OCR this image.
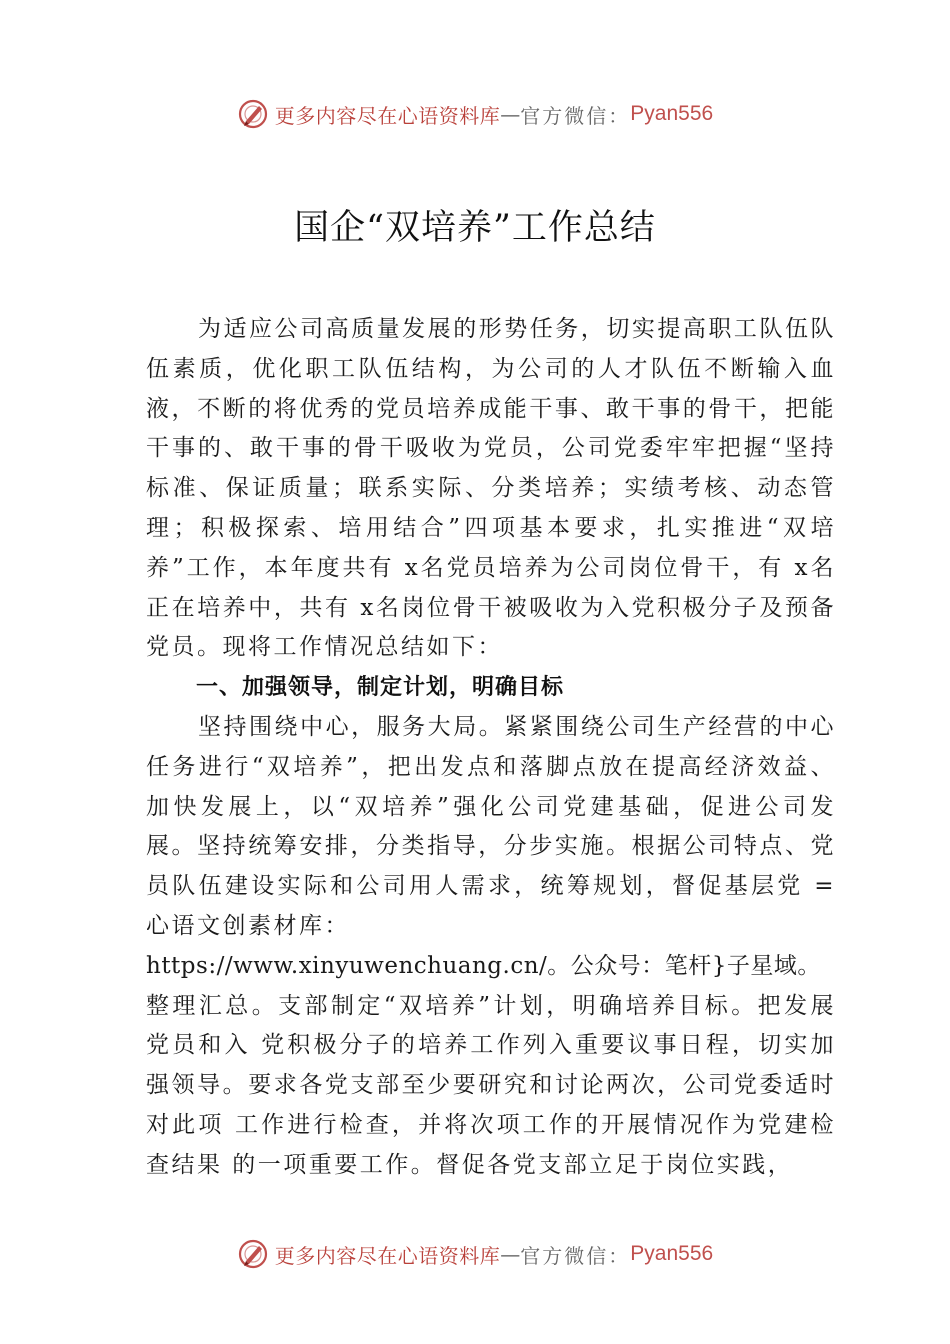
更多内容尽在心语资料库 — 官方微信： Pyan556
国企“双培养”工作总结

为适应公司高质量发展的形势任务，切实提高职工队伍队伍素质，优化职工队伍结构，为公司的人才队伍不断输入血液，不断的将优秀的党员培养成能干事、敢干事的骨干，把能干事的、敢干事的骨干吸收为党员，公司党委牢牢把握“坚持标准、保证质量；联系实际、分类培养；实绩考核、动态管理；积极探索、培用结合”四项基本要求，扎实推进“双培养”工作，本年度共有 x名党员培养为公司岗位骨干，有 x名正在培养中，共有 x名岗位骨干被吸收为入党积极分子及预备党员。现将工作情况总结如下：

一、加强领导，制定计划，明确目标

坚持围绕中心，服务大局。紧紧围绕公司生产经营的中心任务进行“双培养”，把出发点和落脚点放在提高经济效益、加快发展上，以“双培养”强化公司党建基础，促进公司发 展。坚持统筹安排，分类指导，分步实施。根据公司特点、党员队伍建设实际和公司用人需求，统筹规划，督促基层党 =心语文创素材库：

https://www.xinyuwenchuang.cn/。公众号：笔杆}子星域。

整理汇总。支部制定“双培养”计划，明确培养目标。把发展党员和入 党积极分子的培养工作列入重要议事日程，切实加强领导。要求各党支部至少要研究和讨论两次，公司党委适时对此项 工作进行检查，并将次项工作的开展情况作为党建检查结果 的一项重要工作。督促各党支部立足于岗位实践，

更多内容尽在心语资料库 — 官方微信： Pyan556
